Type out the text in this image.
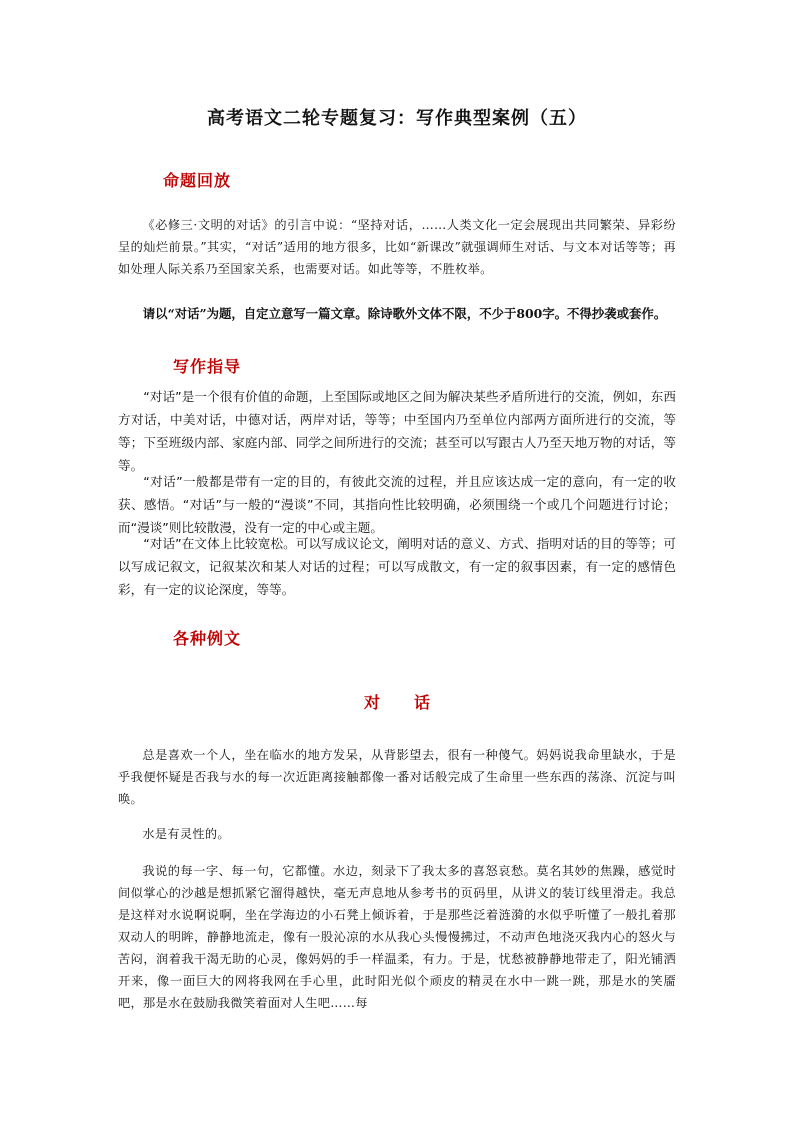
高考语文二轮专题复习：写作典型案例（五）
命题回放

《必修三·文明的对话》的引言中说：“坚持对话，……人类文化一定会展现出共同繁荣、异彩纷呈的灿烂前景。”其实，“对话”适用的地方很多，比如“新课改”就强调师生对话、与文本对话等等；再如处理人际关系乃至国家关系，也需要对话。如此等等，不胜枚举。

请以“对话”为题，自定立意写一篇文章。除诗歌外文体不限，不少于800字。不得抄袭或套作。

写作指导

“对话”是一个很有价值的命题，上至国际或地区之间为解决某些矛盾所进行的交流，例如，东西方对话，中美对话，中德对话，两岸对话，等等；中至国内乃至单位内部两方面所进行的交流，等等；下至班级内部、家庭内部、同学之间所进行的交流；甚至可以写跟古人乃至天地万物的对话，等等。

“对话”一般都是带有一定的目的，有彼此交流的过程，并且应该达成一定的意向，有一定的收获、感悟。“对话”与一般的“漫谈”不同，其指向性比较明确，必须围绕一个或几个问题进行讨论；而“漫谈”则比较散漫，没有一定的中心或主题。

“对话”在文体上比较宽松。可以写成议论文，阐明对话的意义、方式、指明对话的目的等等；可以写成记叙文，记叙某次和某人对话的过程；可以写成散文，有一定的叙事因素，有一定的感情色彩，有一定的议论深度，等等。

各种例文
对话

总是喜欢一个人，坐在临水的地方发呆，从背影望去，很有一种傻气。妈妈说我命里缺水，于是乎我便怀疑是否我与水的每一次近距离接触都像一番对话般完成了生命里一些东西的荡涤、沉淀与叫唤。

水是有灵性的。

我说的每一字、每一句，它都懂。水边，刻录下了我太多的喜怒哀愁。莫名其妙的焦躁，感觉时间似掌心的沙越是想抓紧它溜得越快，毫无声息地从参考书的页码里，从讲义的装订线里滑走。我总是这样对水说啊说啊，坐在学海边的小石凳上倾诉着，于是那些泛着涟漪的水似乎听懂了一般扎着那双动人的明眸，静静地流走，像有一股沁凉的水从我心头慢慢拂过，不动声色地浇灭我内心的怒火与苦闷，润着我干渴无助的心灵，像妈妈的手一样温柔，有力。于是，忧愁被静静地带走了，阳光铺洒开来，像一面巨大的网将我网在手心里，此时阳光似个顽皮的精灵在水中一跳一跳，那是水的笑靥吧，那是水在鼓励我微笑着面对人生吧……每
